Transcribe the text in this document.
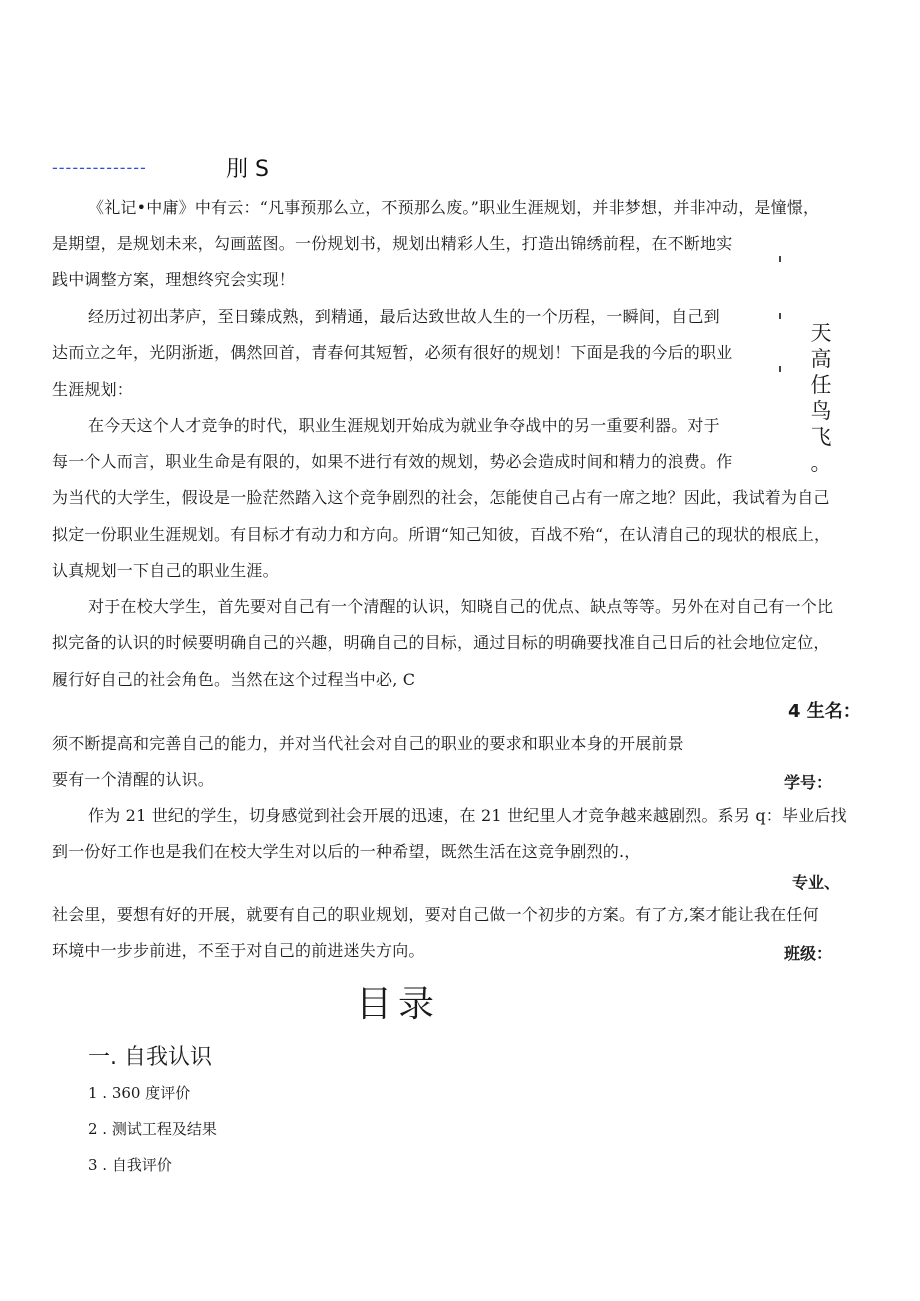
--------------	刖 S
《礼记•中庸》中有云：“凡事预那么立，不预那么废。”职业生涯规划，并非梦想，并非冲动，是憧憬，
是期望，是规划未来，勾画蓝图。一份规划书，规划出精彩人生，打造出锦绣前程，在不断地实
践中调整方案，理想终究会实现！
经历过初出茅庐，至日臻成熟，到精通，最后达致世故人生的一个历程，一瞬间，自己到
达而立之年，光阴浙逝，偶然回首，青春何其短暂，必须有很好的规划！下面是我的今后的职业
生涯规划：
在今天这个人才竞争的时代，职业生涯规划开始成为就业争夺战中的另一重要利器。对于
每一个人而言，职业生命是有限的，如果不进行有效的规划，势必会造成时间和精力的浪费。作
为当代的大学生，假设是一脸茫然踏入这个竞争剧烈的社会，怎能使自己占有一席之地？因此，我试着为自己
拟定一份职业生涯规划。有目标才有动力和方向。所谓“知己知彼，百战不殆“，在认清自己的现状的根底上，
认真规划一下自己的职业生涯。
对于在校大学生，首先要对自己有一个清醒的认识，知晓自己的优点、缺点等等。另外在对自己有一个比
拟完备的认识的时候要明确自己的兴趣，明确自己的目标，通过目标的明确要找准自己日后的社会地位定位，
履行好自己的社会角色。当然在这个过程当中必, C
须不断提高和完善自己的能力，并对当代社会对自己的职业的要求和职业本身的开展前景
要有一个清醒的认识。
作为 21 世纪的学生，切身感觉到社会开展的迅速，在 21 世纪里人才竞争越来越剧烈。系另 q：毕业后找
到一份好工作也是我们在校大学生对以后的一种希望，既然生活在这竞争剧烈的.，
社会里，要想有好的开展，就要有自己的职业规划，要对自己做一个初步的方案。有了方,案才能让我在任何
环境中一步步前进，不至于对自己的前进迷失方向。
天
高
任
鸟
飞
。
4 生名：
学号：
专业、
班级：
目录
一. 自我认识
1 . 360 度评价
2 . 测试工程及结果
3 . 自我评价
